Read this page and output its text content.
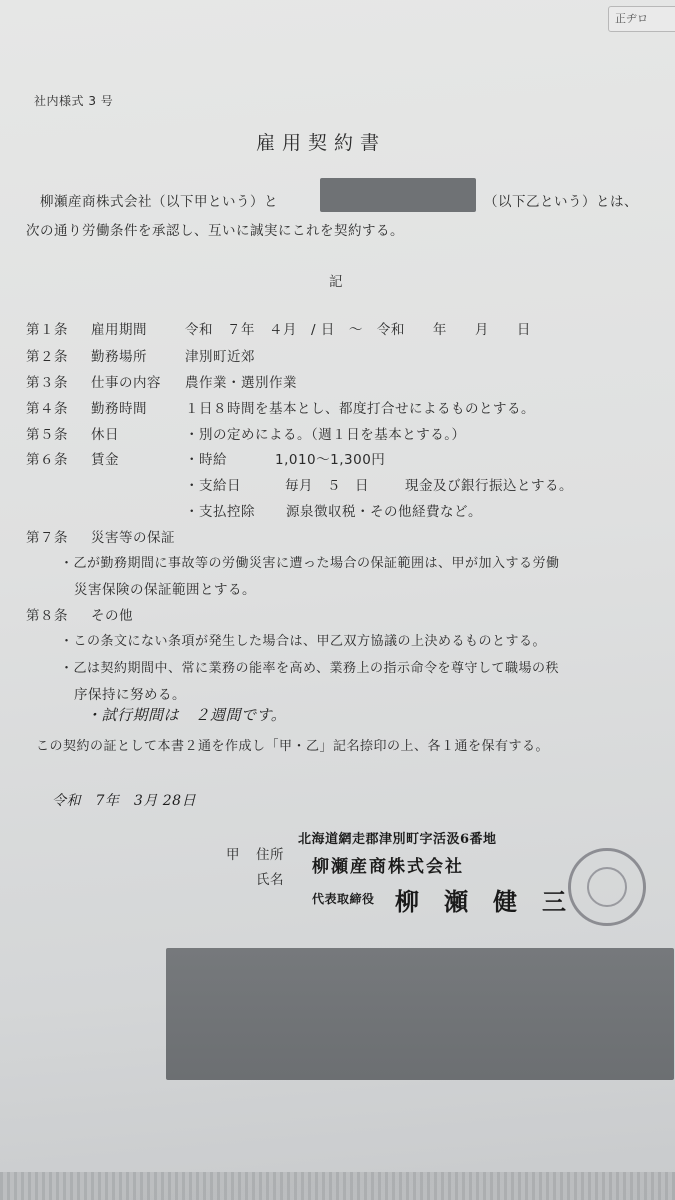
正ヂロ
社内様式 3 号
雇用契約書
柳瀬産商株式会社（以下甲という）と	（以下乙という）とは、
次の通り労働条件を承認し、互いに誠実にこれを契約する。
記
第１条 雇用期間	令和　７年　４月　/ 日　～　令和　　年　　月　　日
第２条 勤務場所	津別町近郊
第３条 仕事の内容 農作業・選別作業
第４条 勤務時間	１日８時間を基本とし、都度打合せによるものとする。
第５条 休日	・別の定めによる。（週１日を基本とする。）
第６条 賃金	・時給	1,010～1,300円
・支給日	毎月　５　日	現金及び銀行振込とする。
・支払控除 源泉徴収税・その他経費など。
第７条 災害等の保証
・乙が勤務期間に事故等の労働災害に遭った場合の保証範囲は、甲が加入する労働
災害保険の保証範囲とする。
第８条 その他
・この条文にない条項が発生した場合は、甲乙双方協議の上決めるものとする。
・乙は契約期間中、常に業務の能率を高め、業務上の指示命令を尊守して職場の秩
序保持に努める。
・試行期間は　２週間です。
この契約の証として本書２通を作成し「甲・乙」記名捺印の上、各１通を保有する。
令和　7年　3月 28日
甲 住所
北海道網走郡津別町字活汲6番地
柳瀬産商株式会社
氏名
代表取締役 柳　瀬　健　三
